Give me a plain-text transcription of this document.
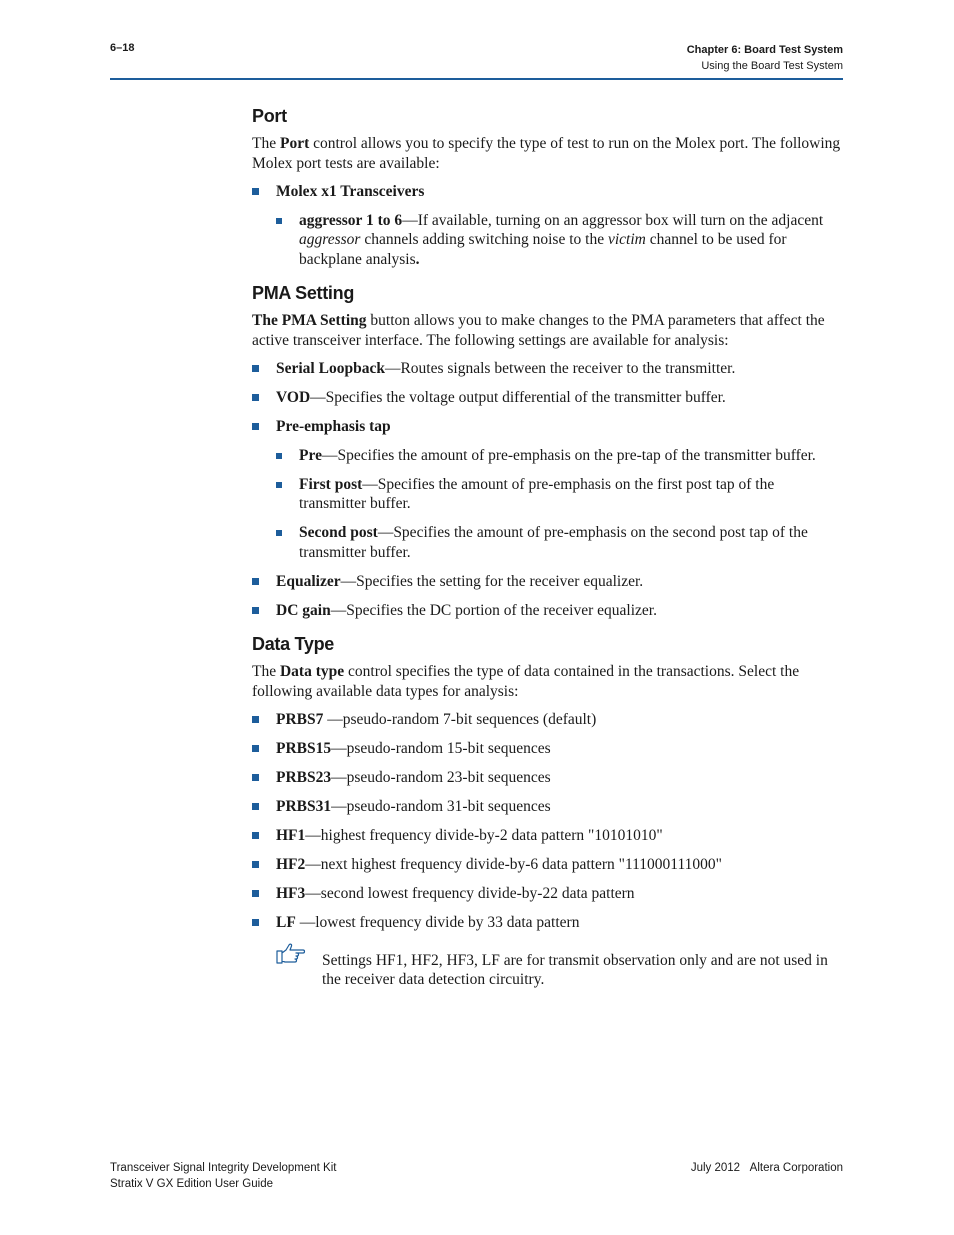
6–18	Chapter 6: Board Test System
Using the Board Test System
Port

The Port control allows you to specify the type of test to run on the Molex port. The following Molex port tests are available:

Molex x1 Transceivers
aggressor 1 to 6—If available, turning on an aggressor box will turn on the adjacent aggressor channels adding switching noise to the victim channel to be used for backplane analysis.
PMA Setting

The PMA Setting button allows you to make changes to the PMA parameters that affect the active transceiver interface. The following settings are available for analysis:

Serial Loopback—Routes signals between the receiver to the transmitter.
VOD—Specifies the voltage output differential of the transmitter buffer.
Pre-emphasis tap
Pre—Specifies the amount of pre-emphasis on the pre-tap of the transmitter buffer.
First post—Specifies the amount of pre-emphasis on the first post tap of the transmitter buffer.
Second post—Specifies the amount of pre-emphasis on the second post tap of the transmitter buffer.
Equalizer—Specifies the setting for the receiver equalizer.
DC gain—Specifies the DC portion of the receiver equalizer.
Data Type

The Data type control specifies the type of data contained in the transactions. Select the following available data types for analysis:

PRBS7 —pseudo-random 7-bit sequences (default)
PRBS15—pseudo-random 15-bit sequences
PRBS23—pseudo-random 23-bit sequences
PRBS31—pseudo-random 31-bit sequences
HF1—highest frequency divide-by-2 data pattern "10101010"
HF2—next highest frequency divide-by-6 data pattern "111000111000"
HF3—second lowest frequency divide-by-22 data pattern
LF —lowest frequency divide by 33 data pattern
Settings HF1, HF2, HF3, LF are for transmit observation only and are not used in the receiver data detection circuitry.
Transceiver Signal Integrity Development Kit
Stratix V GX Edition User Guide
July 2012 Altera Corporation
